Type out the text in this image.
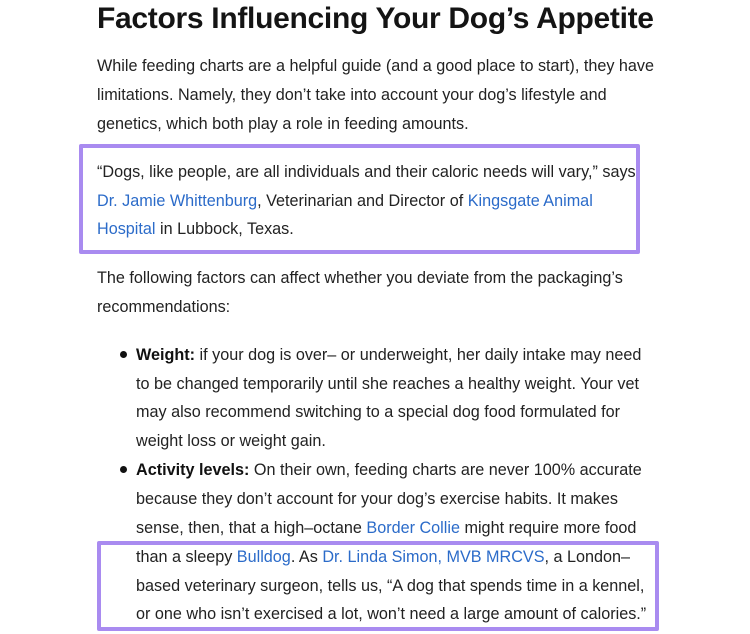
Factors Influencing Your Dog’s Appetite
While feeding charts are a helpful guide (and a good place to start), they have
limitations. Namely, they don’t take into account your dog’s lifestyle and
genetics, which both play a role in feeding amounts.
“Dogs, like people, are all individuals and their caloric needs will vary,” says
Dr. Jamie Whittenburg, Veterinarian and Director of Kingsgate Animal
Hospital in Lubbock, Texas.
The following factors can affect whether you deviate from the packaging’s
recommendations:
Weight: if your dog is over– or underweight, her daily intake may need
to be changed temporarily until she reaches a healthy weight. Your vet
may also recommend switching to a special dog food formulated for
weight loss or weight gain.
Activity levels: On their own, feeding charts are never 100% accurate
because they don’t account for your dog’s exercise habits. It makes
sense, then, that a high–octane Border Collie might require more food
than a sleepy Bulldog. As Dr. Linda Simon, MVB MRCVS, a London–
based veterinary surgeon, tells us, “A dog that spends time in a kennel,
or one who isn’t exercised a lot, won’t need a large amount of calories.”
